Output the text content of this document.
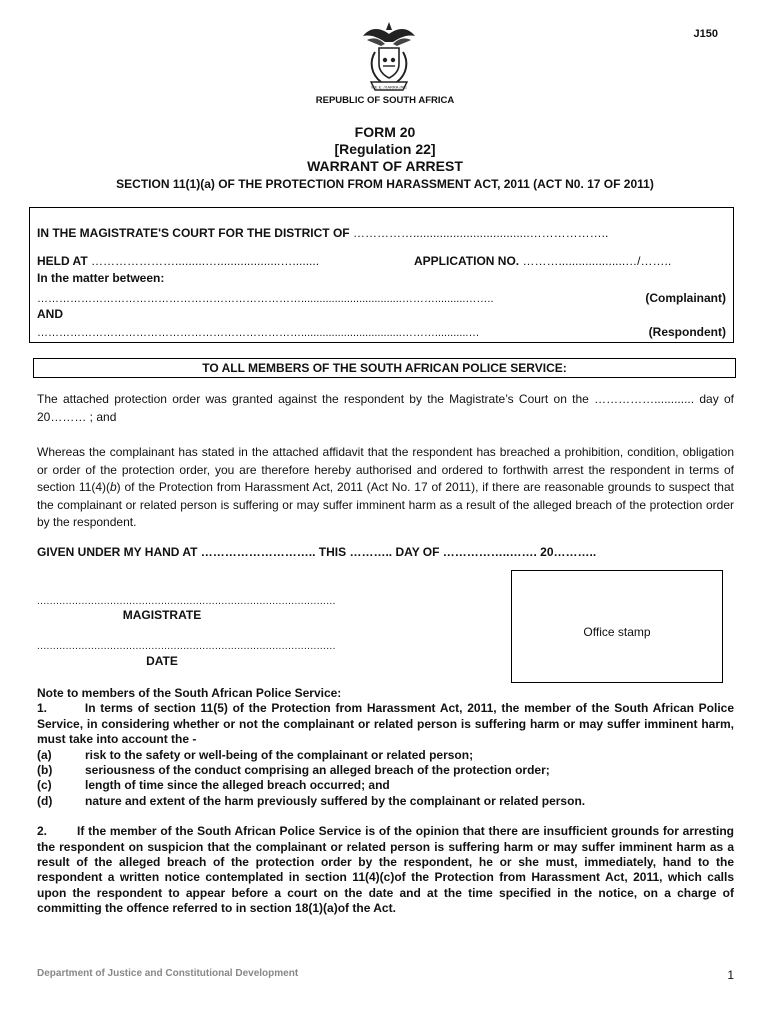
J150
!KE E: /XARRA //KE
REPUBLIC OF SOUTH AFRICA
FORM 20
[Regulation 22]
WARRANT OF ARREST
SECTION 11(1)(a) OF THE PROTECTION FROM HARASSMENT ACT, 2011 (ACT N0. 17 OF 2011)
IN THE MAGISTRATE'S COURT FOR THE DISTRICT OF ……………...................................………………..
HELD AT ………………….........…...................…........	APPLICATION NO. ………....................…/……..
In the matter between:
……………………………………………………………….................................………..........……..	(Complainant)
AND
……………………………………………………………….................................………...........…	(Respondent)
TO ALL MEMBERS OF THE SOUTH AFRICAN POLICE SERVICE:
The attached protection order was granted against the respondent by the Magistrate’s Court on the ……………............ day of 20……… ; and
Whereas the complainant has stated in the attached affidavit that the respondent has breached a prohibition, condition, obligation or order of the protection order, you are therefore hereby authorised and ordered to forthwith arrest the respondent in terms of section 11(4)(b) of the Protection from Harassment Act, 2011 (Act No. 17 of 2011), if there are reasonable grounds to suspect that the complainant or related person is suffering or may suffer imminent harm as a result of the alleged breach of the protection order by the respondent.
GIVEN UNDER MY HAND AT ……………………….. THIS ……….. DAY OF ……………..……. 20………..
..............................................................................................
MAGISTRATE
..............................................................................................
DATE
Office stamp

Note to members of the South African Police Service:

1.	In terms of section 11(5) of the Protection from Harassment Act, 2011, the member of the South African Police Service, in considering whether or not the complainant or related person is suffering harm or may suffer imminent harm, must take into account the -

(a)	risk to the safety or well-being of the complainant or related person;
(b)	seriousness of the conduct comprising an alleged breach of the protection order;
(c)	length of time since the alleged breach occurred; and
(d)	nature and extent of the harm previously suffered by the complainant or related person.

2.	If the member of the South African Police Service is of the opinion that there are insufficient grounds for arresting the respondent on suspicion that the complainant or related person is suffering harm or may suffer imminent harm as a result of the alleged breach of the protection order by the respondent, he or she must, immediately, hand to the respondent a written notice contemplated in section 11(4)(c)of the Protection from Harassment Act, 2011, which calls upon the respondent to appear before a court on the date and at the time specified in the notice, on a charge of committing the offence referred to in section 18(1)(a)of the Act.

Department of Justice and Constitutional Development	1
